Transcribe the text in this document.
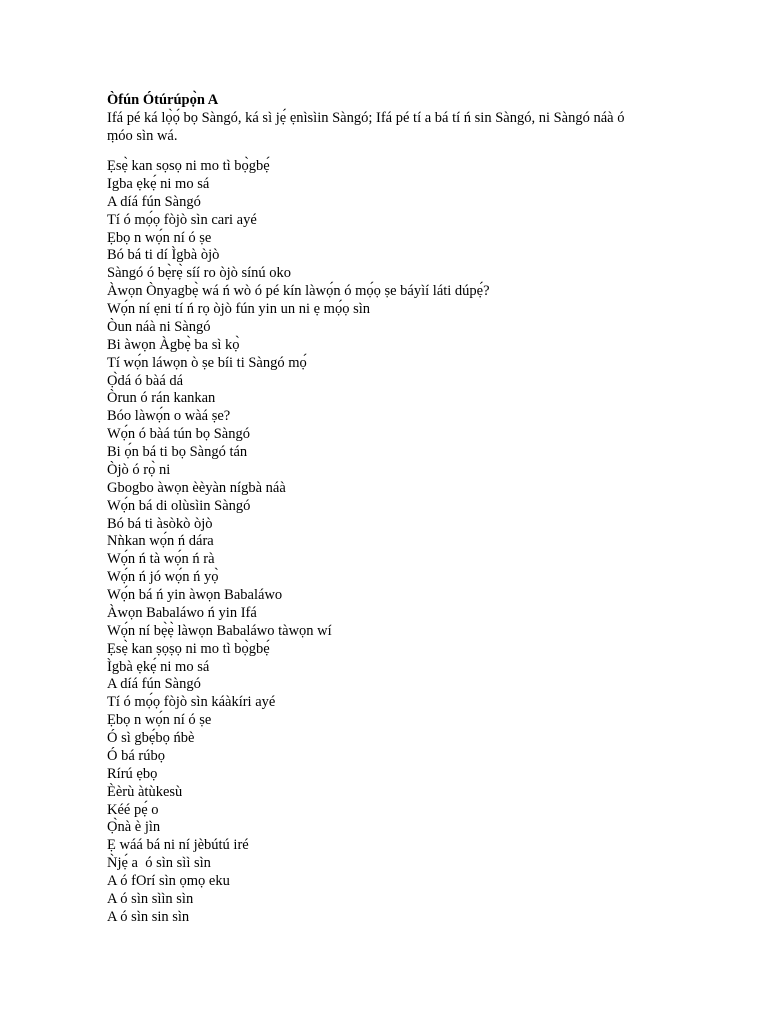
Òfún Ótúrúpọ̀n A

Ifá pé ká lọ̀ọ́ bọ Sàngó, ká sì jẹ́ ẹnìsìin Sàngó; Ifá pé tí a bá tí ń sin Sàngó, ni Sàngó náà ó ṃóo sìn wá.

Ẹsẹ̀ kan sọsọ ni mo tì bọ̀gbẹ́
Igba ẹkẹ́ ni mo sá
A díá fún Sàngó
Tí ó mọ́ọ fòjò sìn cari ayé
Ẹbọ n wọ́n ní ó ṣe
Bó bá ti dí Ìgbà òjò
Sàngó ó bẹ̀rẹ̀ síí ro òjò sínú oko
Àwọn Ònyagbẹ̀ wá ń wò ó pé kín làwọ́n ó mọ́ọ ṣe báyìí láti dúpẹ́?
Wọ́n ní ẹni tí ń rọ òjò fún yin un ni ẹ mọ́ọ sìn
Òun náà ni Sàngó
Bi àwọn Àgbẹ̀ ba sì kọ̀
Tí wọ́n láwọn ò ṣe bíi ti Sàngó mọ́
Ọ̀dá ó bàá dá
Òrun ó rán kankan
Bóo làwọ́n o wàá ṣe?
Wọ́n ó bàá tún bọ Sàngó
Bi ọ́n bá ti bọ Sàngó tán
Òjò ó rọ̀ ni
Gbogbo àwọn èèyàn nígbà náà
Wọ́n bá di olùsìin Sàngó
Bó bá ti àsòkò òjò
Nǹkan wọ́n ń dára
Wọ́n ń tà wọ́n ń rà
Wọ́n ń jó wọ́n ń yọ̀
Wọ́n bá ń yin àwọn Babaláwo
Àwọn Babaláwo ń yin Ifá
Wọ́n ní bẹ̀ẹ̀ làwọn Babaláwo tàwọn wí
Ẹsẹ̀ kan ṣọṣọ ni mo tì bọ̀gbẹ́
Ìgbà ẹkẹ́ ni mo sá
A díá fún Sàngó
Tí ó mọ́ọ fòjò sìn káàkíri ayé
Ẹbọ n wọ́n ní ó ṣe
Ó sì gbẹ́bọ ńbè
Ó bá rúbọ
Rírú ẹbọ
Èèrù àtùkesù
Kéé pẹ́ o
Ọ̀nà è jìn
Ẹ wáá bá ni ní jèbútú iré
Ǹjẹ́ a  ó sìn sìì sìn
A ó fOrí sìn ọmọ eku
A ó sìn sììn sìn
A ó sìn sin sìn
